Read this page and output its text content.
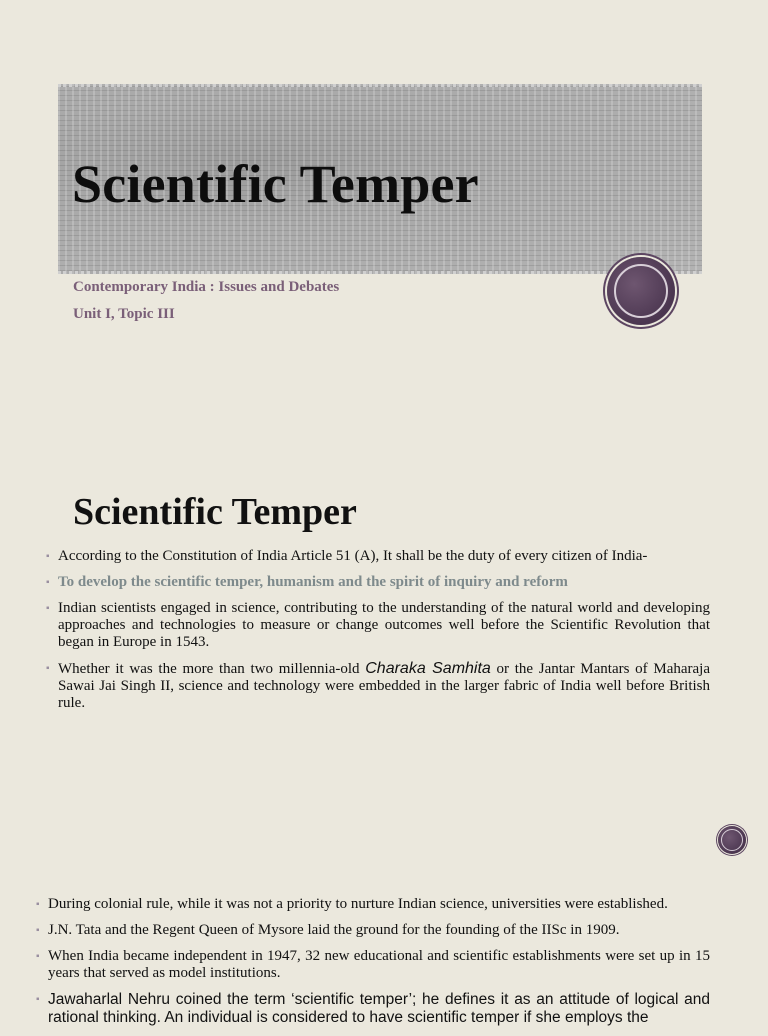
Scientific Temper
Contemporary India : Issues and Debates
Unit I, Topic III
Scientific Temper
▪ According to the Constitution of India Article 51 (A), It shall be the duty of every citizen of India-
▪ To develop the scientific temper, humanism and the spirit of inquiry and reform
▪ Indian scientists engaged in science, contributing to the understanding of the natural world and developing approaches and technologies to measure or change outcomes well before the Scientific Revolution that began in Europe in 1543.
▪ Whether it was the more than two millennia-old Charaka Samhita or the Jantar Mantars of Maharaja Sawai Jai Singh II, science and technology were embedded in the larger fabric of India well before British rule.
▪ During colonial rule, while it was not a priority to nurture Indian science, universities were established.
▪ J.N. Tata and the Regent Queen of Mysore laid the ground for the founding of the IISc in 1909.
▪ When India became independent in 1947, 32 new educational and scientific establishments were set up in 15 years that served as model institutions.
▪ Jawaharlal Nehru coined the term ‘scientific temper’; he defines it as an attitude of logical and rational thinking. An individual is considered to have scientific temper if she employs the
